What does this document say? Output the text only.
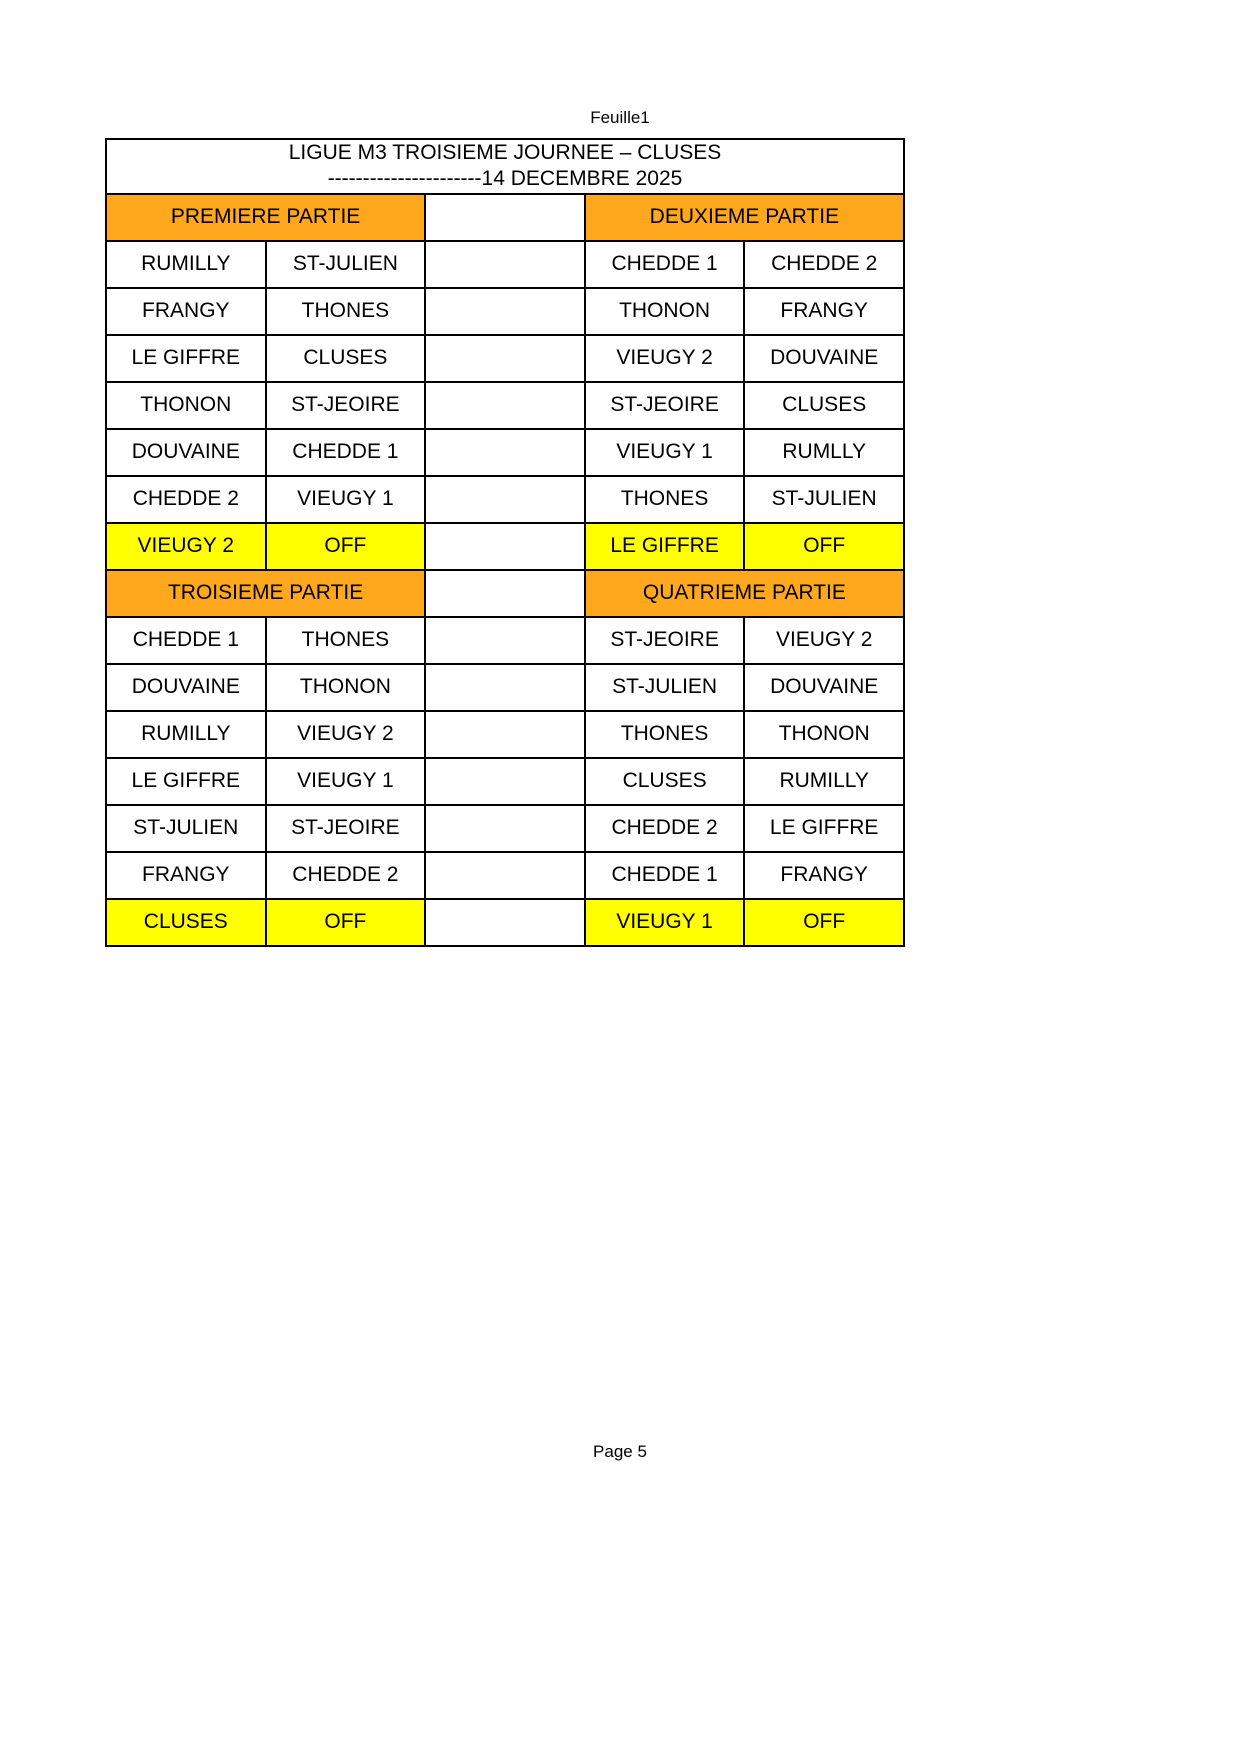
Feuille1
LIGUE M3 TROISIEME JOURNEE – CLUSES
----------------------14 DECEMBRE 2025				

PREMIERE PARTIE			DEUXIEME PARTIE	
RUMILLY	ST-JULIEN		CHEDDE 1	CHEDDE 2
FRANGY	THONES		THONON	FRANGY
LE GIFFRE	CLUSES		VIEUGY 2	DOUVAINE
THONON	ST-JEOIRE		ST-JEOIRE	CLUSES
DOUVAINE	CHEDDE 1		VIEUGY 1	RUMLLY
CHEDDE 2	VIEUGY 1		THONES	ST-JULIEN
VIEUGY 2	OFF		LE GIFFRE	OFF
TROISIEME PARTIE			QUATRIEME PARTIE	
CHEDDE 1	THONES		ST-JEOIRE	VIEUGY 2
DOUVAINE	THONON		ST-JULIEN	DOUVAINE
RUMILLY	VIEUGY 2		THONES	THONON
LE GIFFRE	VIEUGY 1		CLUSES	RUMILLY
ST-JULIEN	ST-JEOIRE		CHEDDE 2	LE GIFFRE
FRANGY	CHEDDE 2		CHEDDE 1	FRANGY
CLUSES	OFF		VIEUGY 1	OFF
Page 5
